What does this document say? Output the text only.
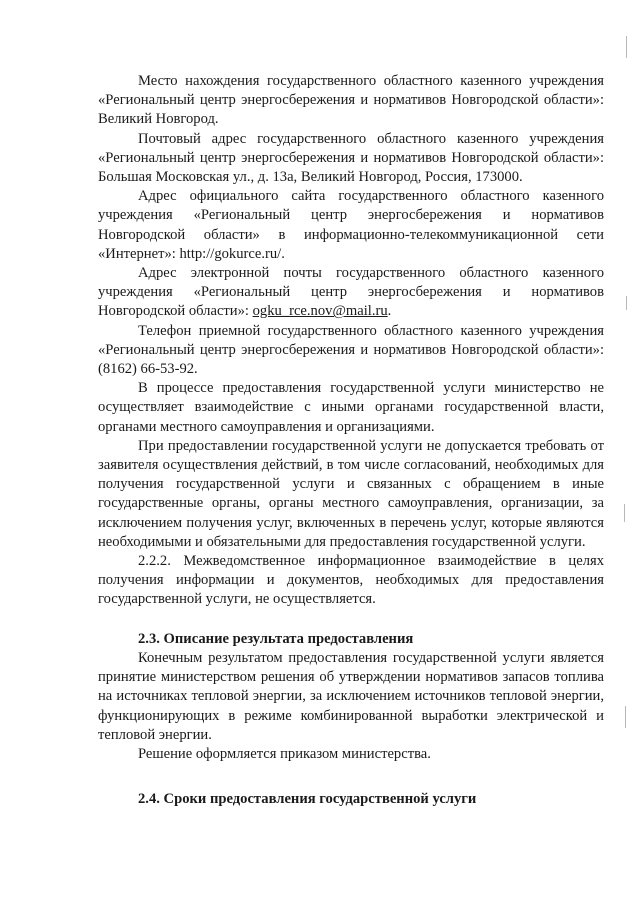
Место нахождения государственного областного казенного учреждения «Региональный центр энергосбережения и нормативов Новгородской области»: Великий Новгород.

Почтовый адрес государственного областного казенного учреждения «Региональный центр энергосбережения и нормативов Новгородской области»: Большая Московская ул., д. 13а, Великий Новгород, Россия, 173000.

Адрес официального сайта государственного областного казенного учреждения «Региональный центр энергосбережения и нормативов Новгородской области» в информационно-телекоммуникационной сети «Интернет»: http://gokurce.ru/.

Адрес электронной почты государственного областного казенного учреждения «Региональный центр энергосбережения и нормативов Новгородской области»: ogku_rce.nov@mail.ru.

Телефон приемной государственного областного казенного учреждения «Региональный центр энергосбережения и нормативов Новгородской области»: (8162) 66-53-92.

В процессе предоставления государственной услуги министерство не осуществляет взаимодействие с иными органами государственной власти, органами местного самоуправления и организациями.

При предоставлении государственной услуги не допускается требовать от заявителя осуществления действий, в том числе согласований, необходимых для получения государственной услуги и связанных с обращением в иные государственные органы, органы местного самоуправления, организации, за исключением получения услуг, включенных в перечень услуг, которые являются необходимыми и обязательными для предоставления государственной услуги.

2.2.2. Межведомственное информационное взаимодействие в целях получения информации и документов, необходимых для предоставления государственной услуги, не осуществляется.

2.3. Описание результата предоставления

Конечным результатом предоставления государственной услуги является принятие министерством решения об утверждении нормативов запасов топлива на источниках тепловой энергии, за исключением источников тепловой энергии, функционирующих в режиме комбинированной выработки электрической и тепловой энергии.

Решение оформляется приказом министерства.

2.4. Сроки предоставления государственной услуги
